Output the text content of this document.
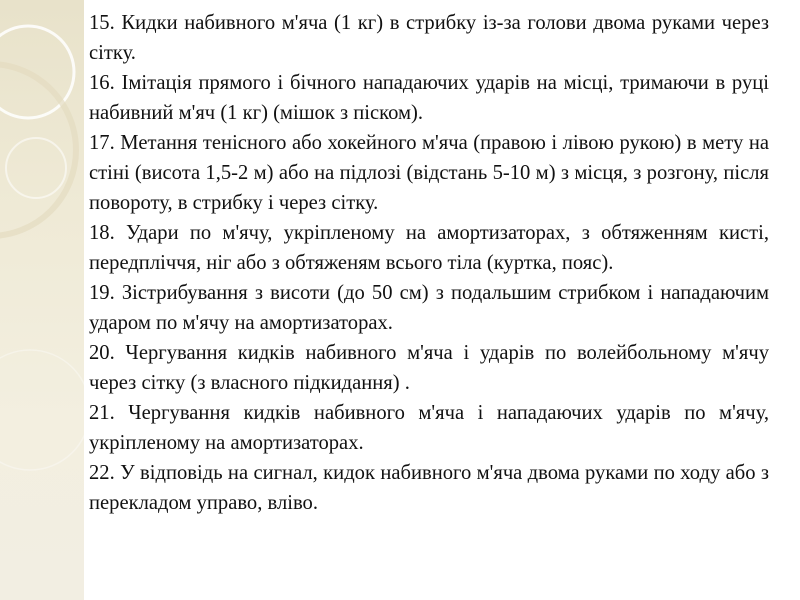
15. Кидки набивного м'яча (1 кг) в стрибку із-за голови двома руками через сітку.

16. Імітація прямого і бічного нападаючих ударів на місці, тримаючи в руці набивний м'яч (1 кг) (мішок з піском).

17. Метання тенісного або хокейного м'яча (правою і лівою рукою) в мету на стіні (висота 1,5-2 м) або на підлозі (відстань 5-10 м) з місця, з розгону, після повороту, в стрибку і через сітку.

18. Удари по м'ячу, укріпленому на амортизаторах, з обтяженням кисті, передпліччя, ніг або з обтяженям всього тіла (куртка, пояс).

19. Зістрибування з висоти (до 50 см) з подальшим стрибком і нападаючим ударом по м'ячу на амортизаторах.

20. Чергування кидків набивного м'яча і ударів по волейбольному м'ячу через сітку (з власного підкидання) .

21. Чергування кидків набивного м'яча і нападаючих ударів по м'ячу, укріпленому на амортизаторах.

22. У відповідь на сигнал, кидок набивного м'яча двома руками по ходу або з перекладом управо, вліво.
